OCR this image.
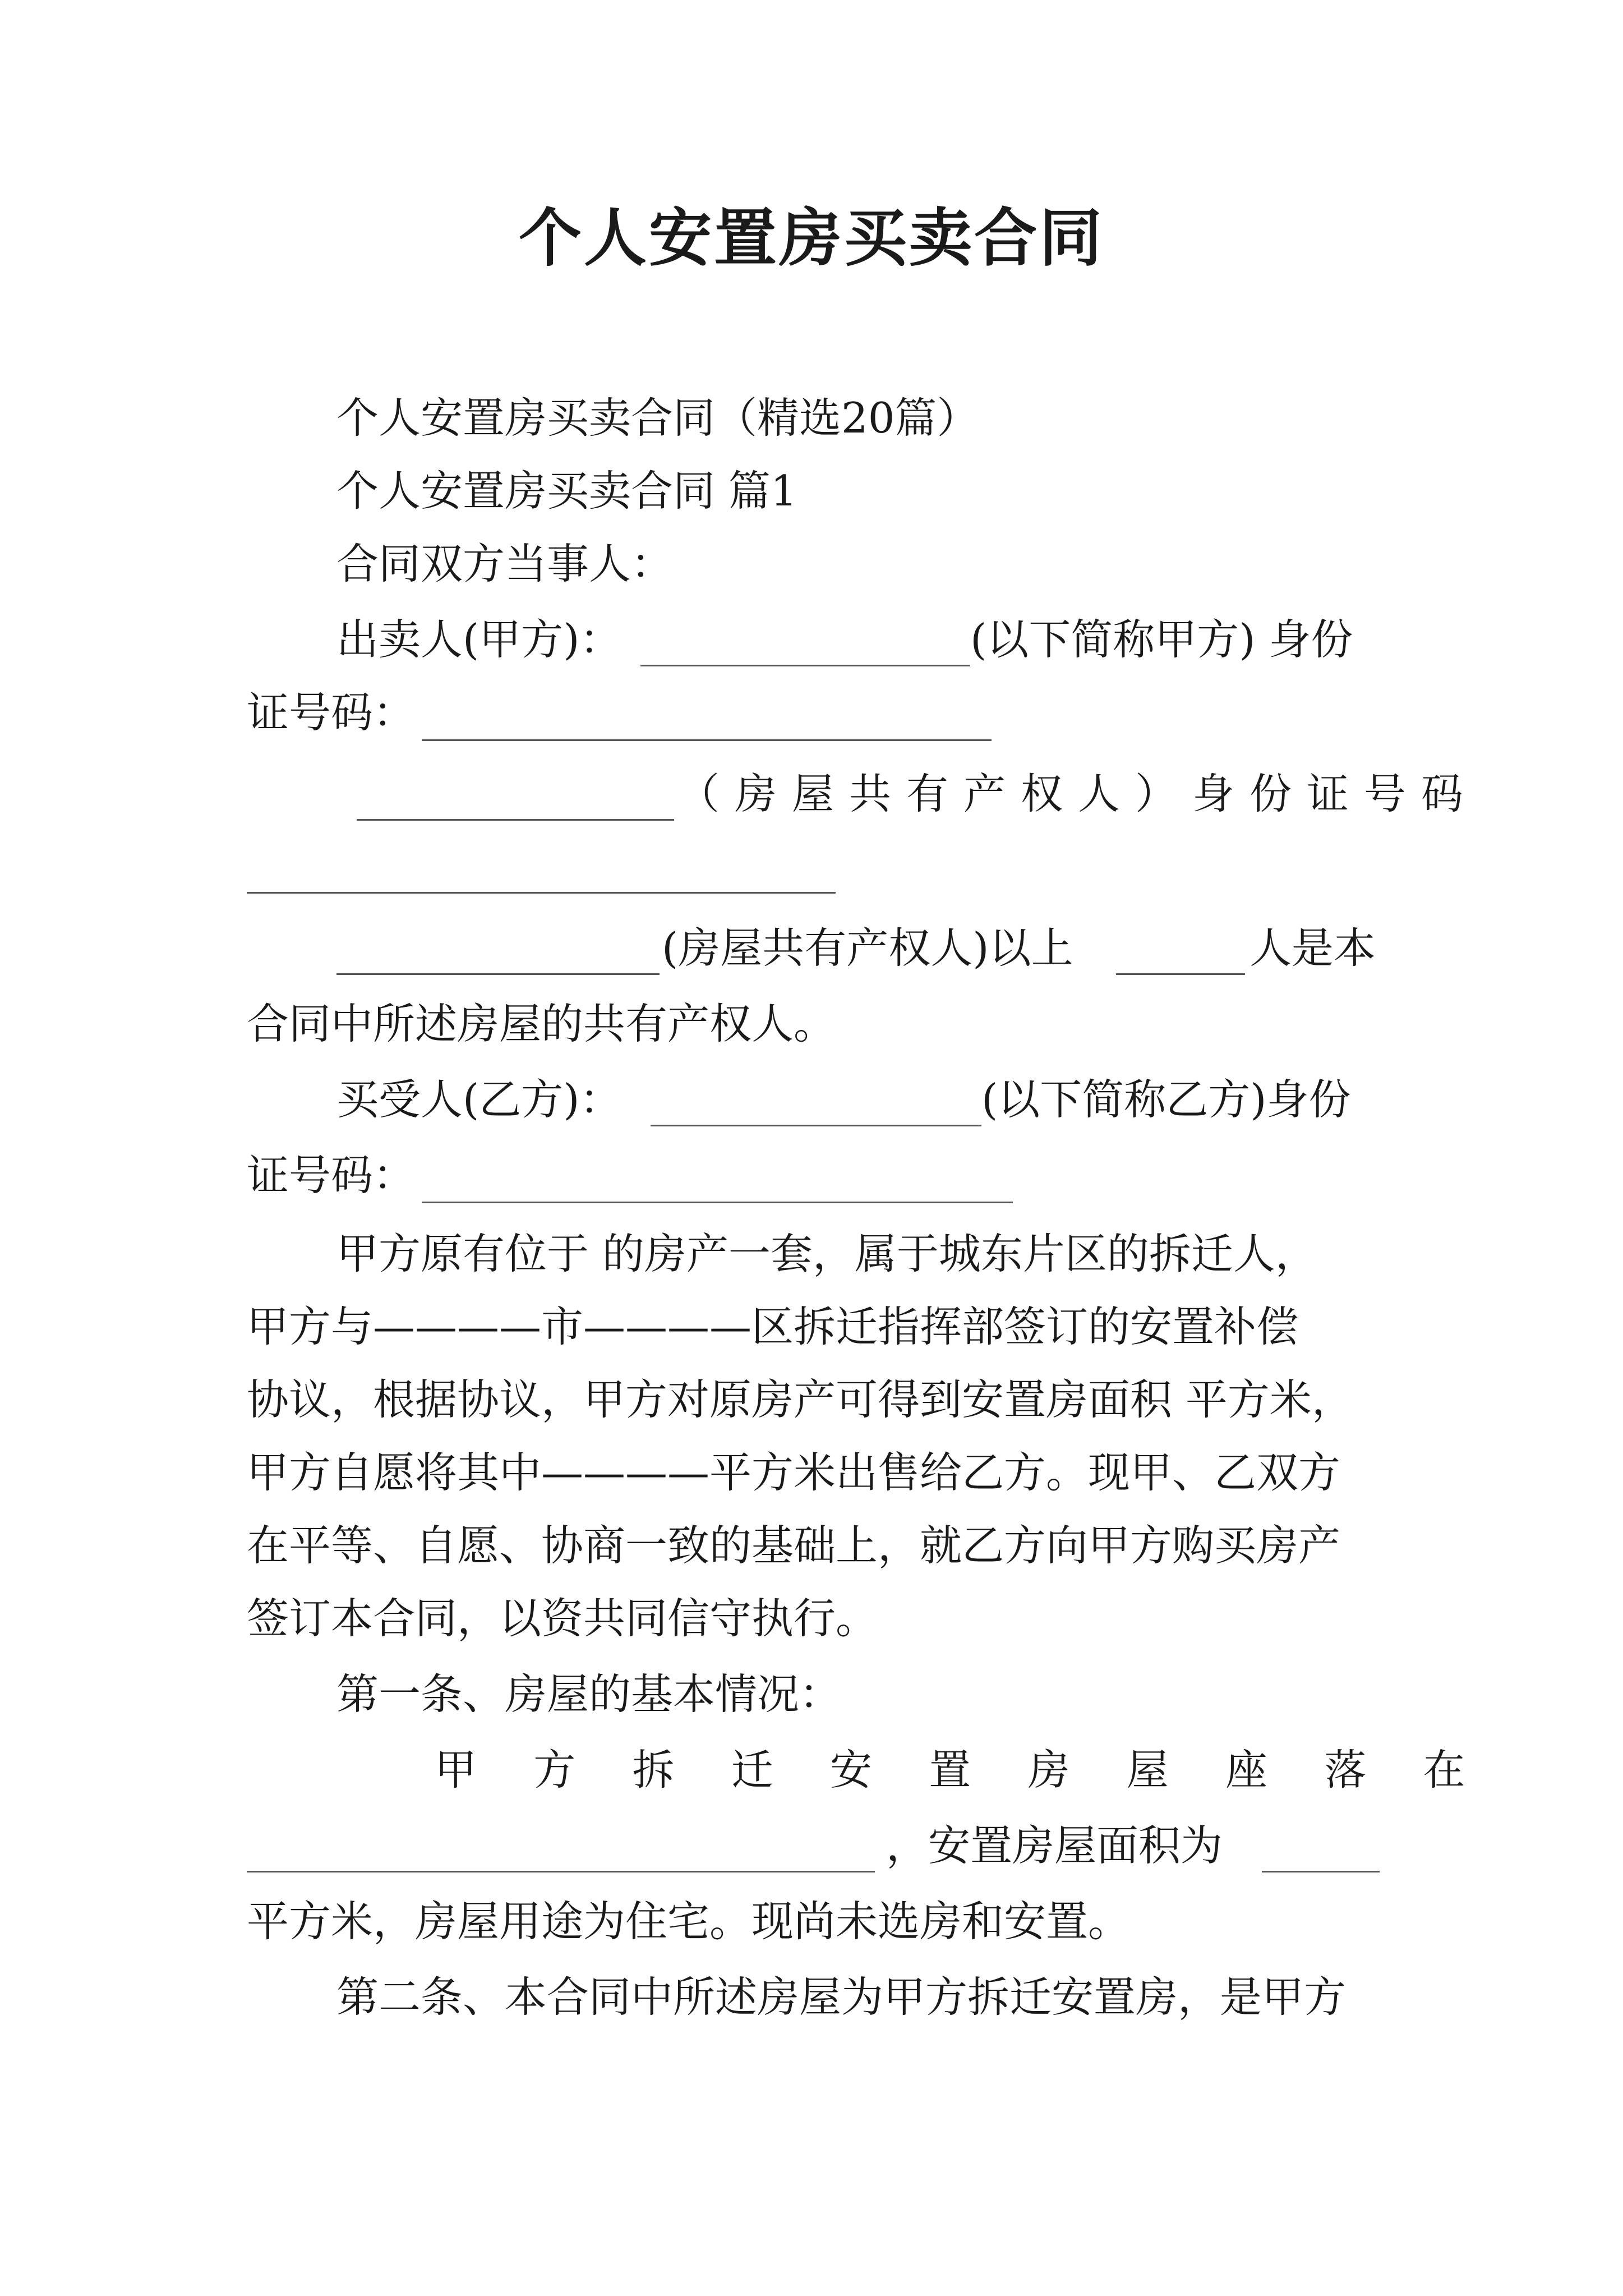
个人安置房买卖合同
个人安置房买卖合同（精选20篇）
个人安置房买卖合同 篇1
合同双方当事人：
出卖人(甲方)：	(以下简称甲方) 身份
证号码：
（房屋共有产权人）身份证号码
(房屋共有产权人)以上	人是本
合同中所述房屋的共有产权人。
买受人(乙方)：	(以下简称乙方)身份
证号码：
甲方原有位于 的房产一套，属于城东片区的拆迁人，
甲方与————市————区拆迁指挥部签订的安置补偿
协议，根据协议，甲方对原房产可得到安置房面积 平方米，
甲方自愿将其中————平方米出售给乙方。现甲、乙双方
在平等、自愿、协商一致的基础上，就乙方向甲方购买房产
签订本合同，以资共同信守执行。
第一条、房屋的基本情况：
甲方拆迁安置房屋座落在
，安置房屋面积为
平方米，房屋用途为住宅。现尚未选房和安置。
第二条、本合同中所述房屋为甲方拆迁安置房，是甲方
